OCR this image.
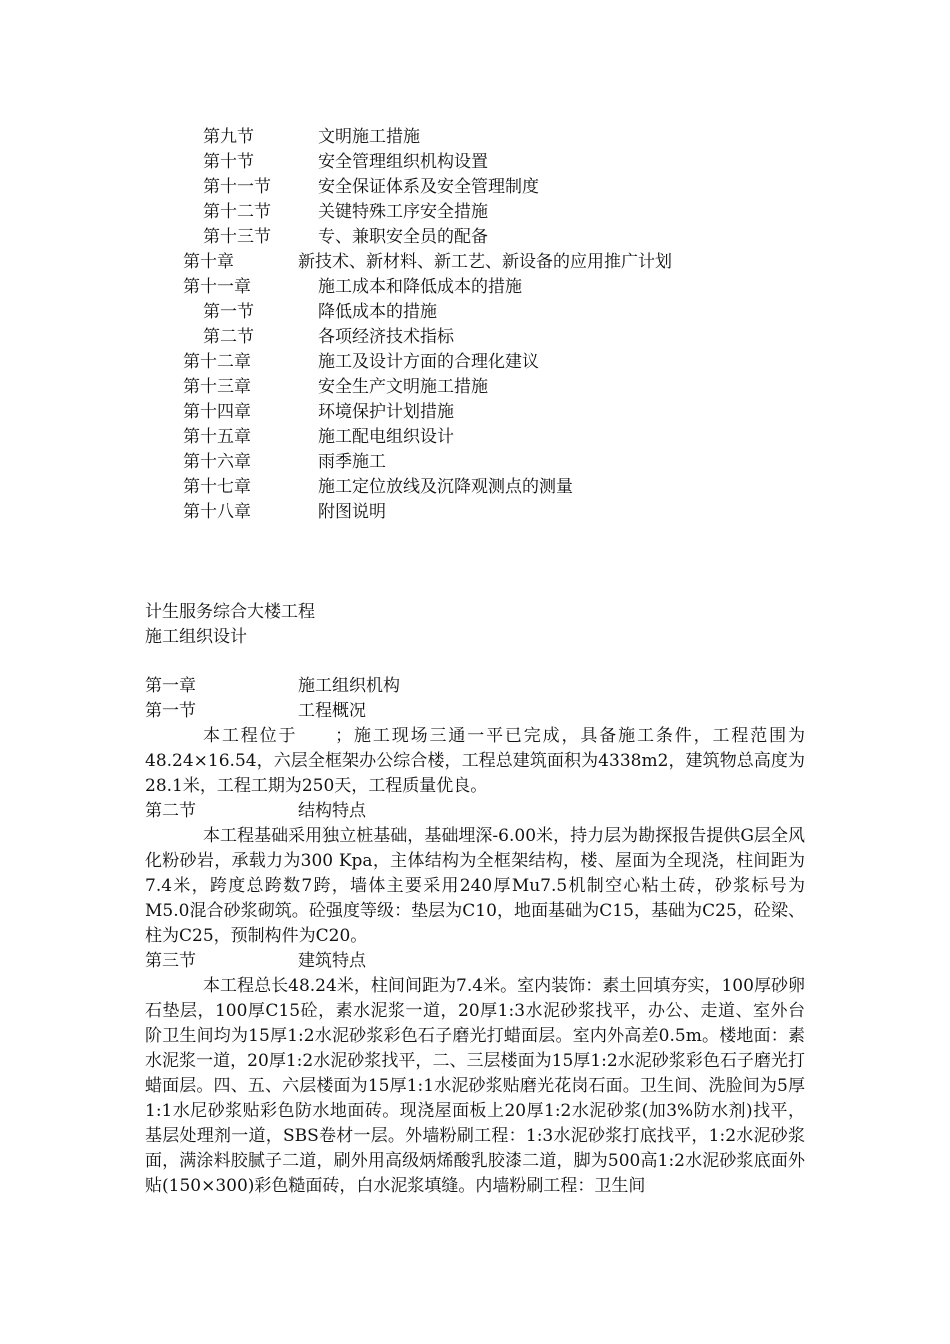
第九节	文明施工措施
第十节	安全管理组织机构设置
第十一节	安全保证体系及安全管理制度
第十二节	关键特殊工序安全措施
第十三节	专、兼职安全员的配备
第十章	新技术、新材料、新工艺、新设备的应用推广计划
第十一章	施工成本和降低成本的措施
第一节	降低成本的措施
第二节	各项经济技术指标
第十二章	施工及设计方面的合理化建议
第十三章	安全生产文明施工措施
第十四章	环境保护计划措施
第十五章	施工配电组织设计
第十六章	雨季施工
第十七章	施工定位放线及沉降观测点的测量
第十八章	附图说明
计生服务综合大楼工程
施工组织设计
第一章	施工组织机构
第一节	工程概况

本工程位于　　；施工现场三通一平已完成，具备施工条件，工程范围为48.24×16.54，六层全框架办公综合楼，工程总建筑面积为4338m2，建筑物总高度为28.1米，工程工期为250天，工程质量优良。

第二节	结构特点

本工程基础采用独立桩基础，基础埋深-6.00米，持力层为勘探报告提供G层全风化粉砂岩，承载力为300 Kpa，主体结构为全框架结构，楼、屋面为全现浇，柱间距为7.4米，跨度总跨数7跨，墙体主要采用240厚Mu7.5机制空心粘土砖，砂浆标号为M5.0混合砂浆砌筑。砼强度等级：垫层为C10，地面基础为C15，基础为C25，砼梁、柱为C25，预制构件为C20。

第三节	建筑特点

本工程总长48.24米，柱间间距为7.4米。室内装饰：素土回填夯实，100厚砂卵石垫层，100厚C15砼，素水泥浆一道，20厚1:3水泥砂浆找平，办公、走道、室外台阶卫生间均为15厚1:2水泥砂浆彩色石子磨光打蜡面层。室内外高差0.5m。楼地面：素水泥浆一道，20厚1:2水泥砂浆找平，二、三层楼面为15厚1:2水泥砂浆彩色石子磨光打蜡面层。四、五、六层楼面为15厚1:1水泥砂浆贴磨光花岗石面。卫生间、洗脸间为5厚1:1水尼砂浆贴彩色防水地面砖。现浇屋面板上20厚1:2水泥砂浆(加3%防水剂)找平，基层处理剂一道，SBS卷材一层。外墙粉刷工程：1:3水泥砂浆打底找平，1:2水泥砂浆面，满涂料胶腻子二道，刷外用高级炳烯酸乳胶漆二道，脚为500高1:2水泥砂浆底面外贴(150×300)彩色糙面砖，白水泥浆填缝。内墙粉刷工程：卫生间
